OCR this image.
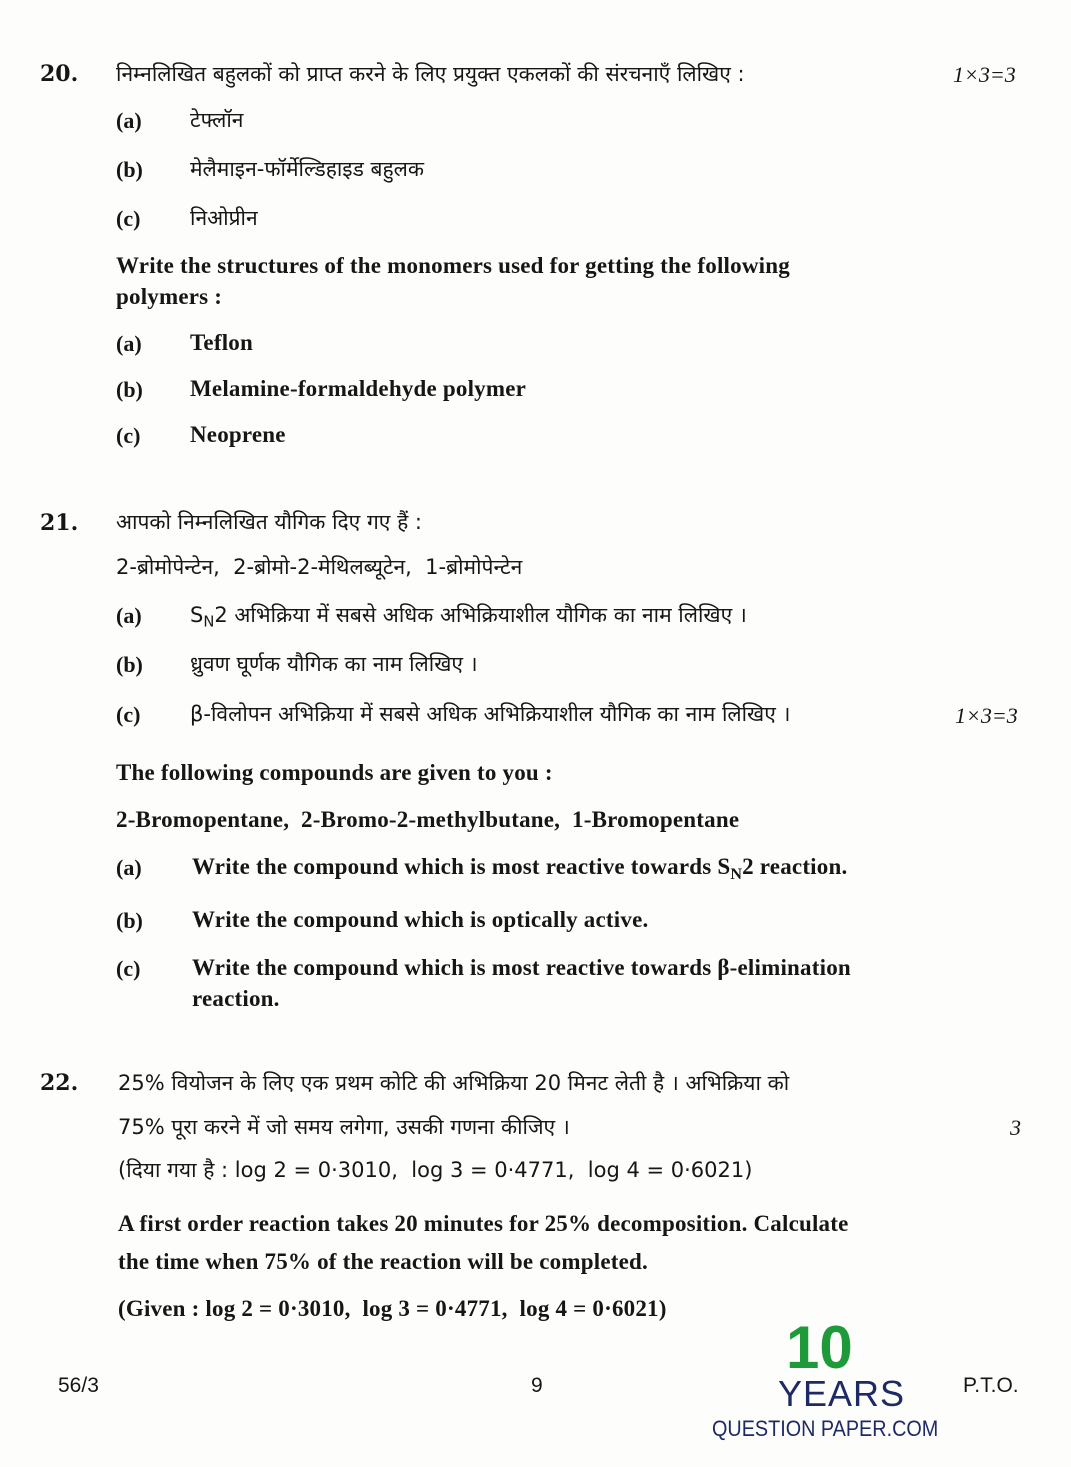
20. निम्नलिखित बहुलकों को प्राप्त करने के लिए प्रयुक्त एकलकों की संरचनाएँ लिखिए :	1×3=3
(a) टेफ्लॉन
(b) मेलैमाइन-फॉर्मेल्डिहाइड बहुलक
(c) निओप्रीन
Write the structures of the monomers used for getting the following
polymers :
(a) Teflon
(b) Melamine-formaldehyde polymer
(c) Neoprene
21. आपको निम्नलिखित यौगिक दिए गए हैं :
2-ब्रोमोपेन्टेन,  2-ब्रोमो-2-मेथिलब्यूटेन,  1-ब्रोमोपेन्टेन
(a) $S_N2$ अभिक्रिया में सबसे अधिक अभिक्रियाशील यौगिक का नाम लिखिए ।
(b) ध्रुवण घूर्णक यौगिक का नाम लिखिए ।
(c) β-विलोपन अभिक्रिया में सबसे अधिक अभिक्रियाशील यौगिक का नाम लिखिए ।	1×3=3
The following compounds are given to you :
2-Bromopentane,  2-Bromo-2-methylbutane,  1-Bromopentane
(a) Write the compound which is most reactive towards $S_N2$ reaction.
(b) Write the compound which is optically active.
(c) Write the compound which is most reactive towards β-elimination
reaction.
22. 25% वियोजन के लिए एक प्रथम कोटि की अभिक्रिया 20 मिनट लेती है । अभिक्रिया को
75% पूरा करने में जो समय लगेगा, उसकी गणना कीजिए ।	3
(दिया गया है : log 2 = 0·3010,  log 3 = 0·4771,  log 4 = 0·6021)
A first order reaction takes 20 minutes for 25% decomposition. Calculate
the time when 75% of the reaction will be completed.
(Given : log 2 = 0·3010,  log 3 = 0·4771,  log 4 = 0·6021)
56/3	9	P.T.O.
10
YEARS
QUESTION PAPER.COM
